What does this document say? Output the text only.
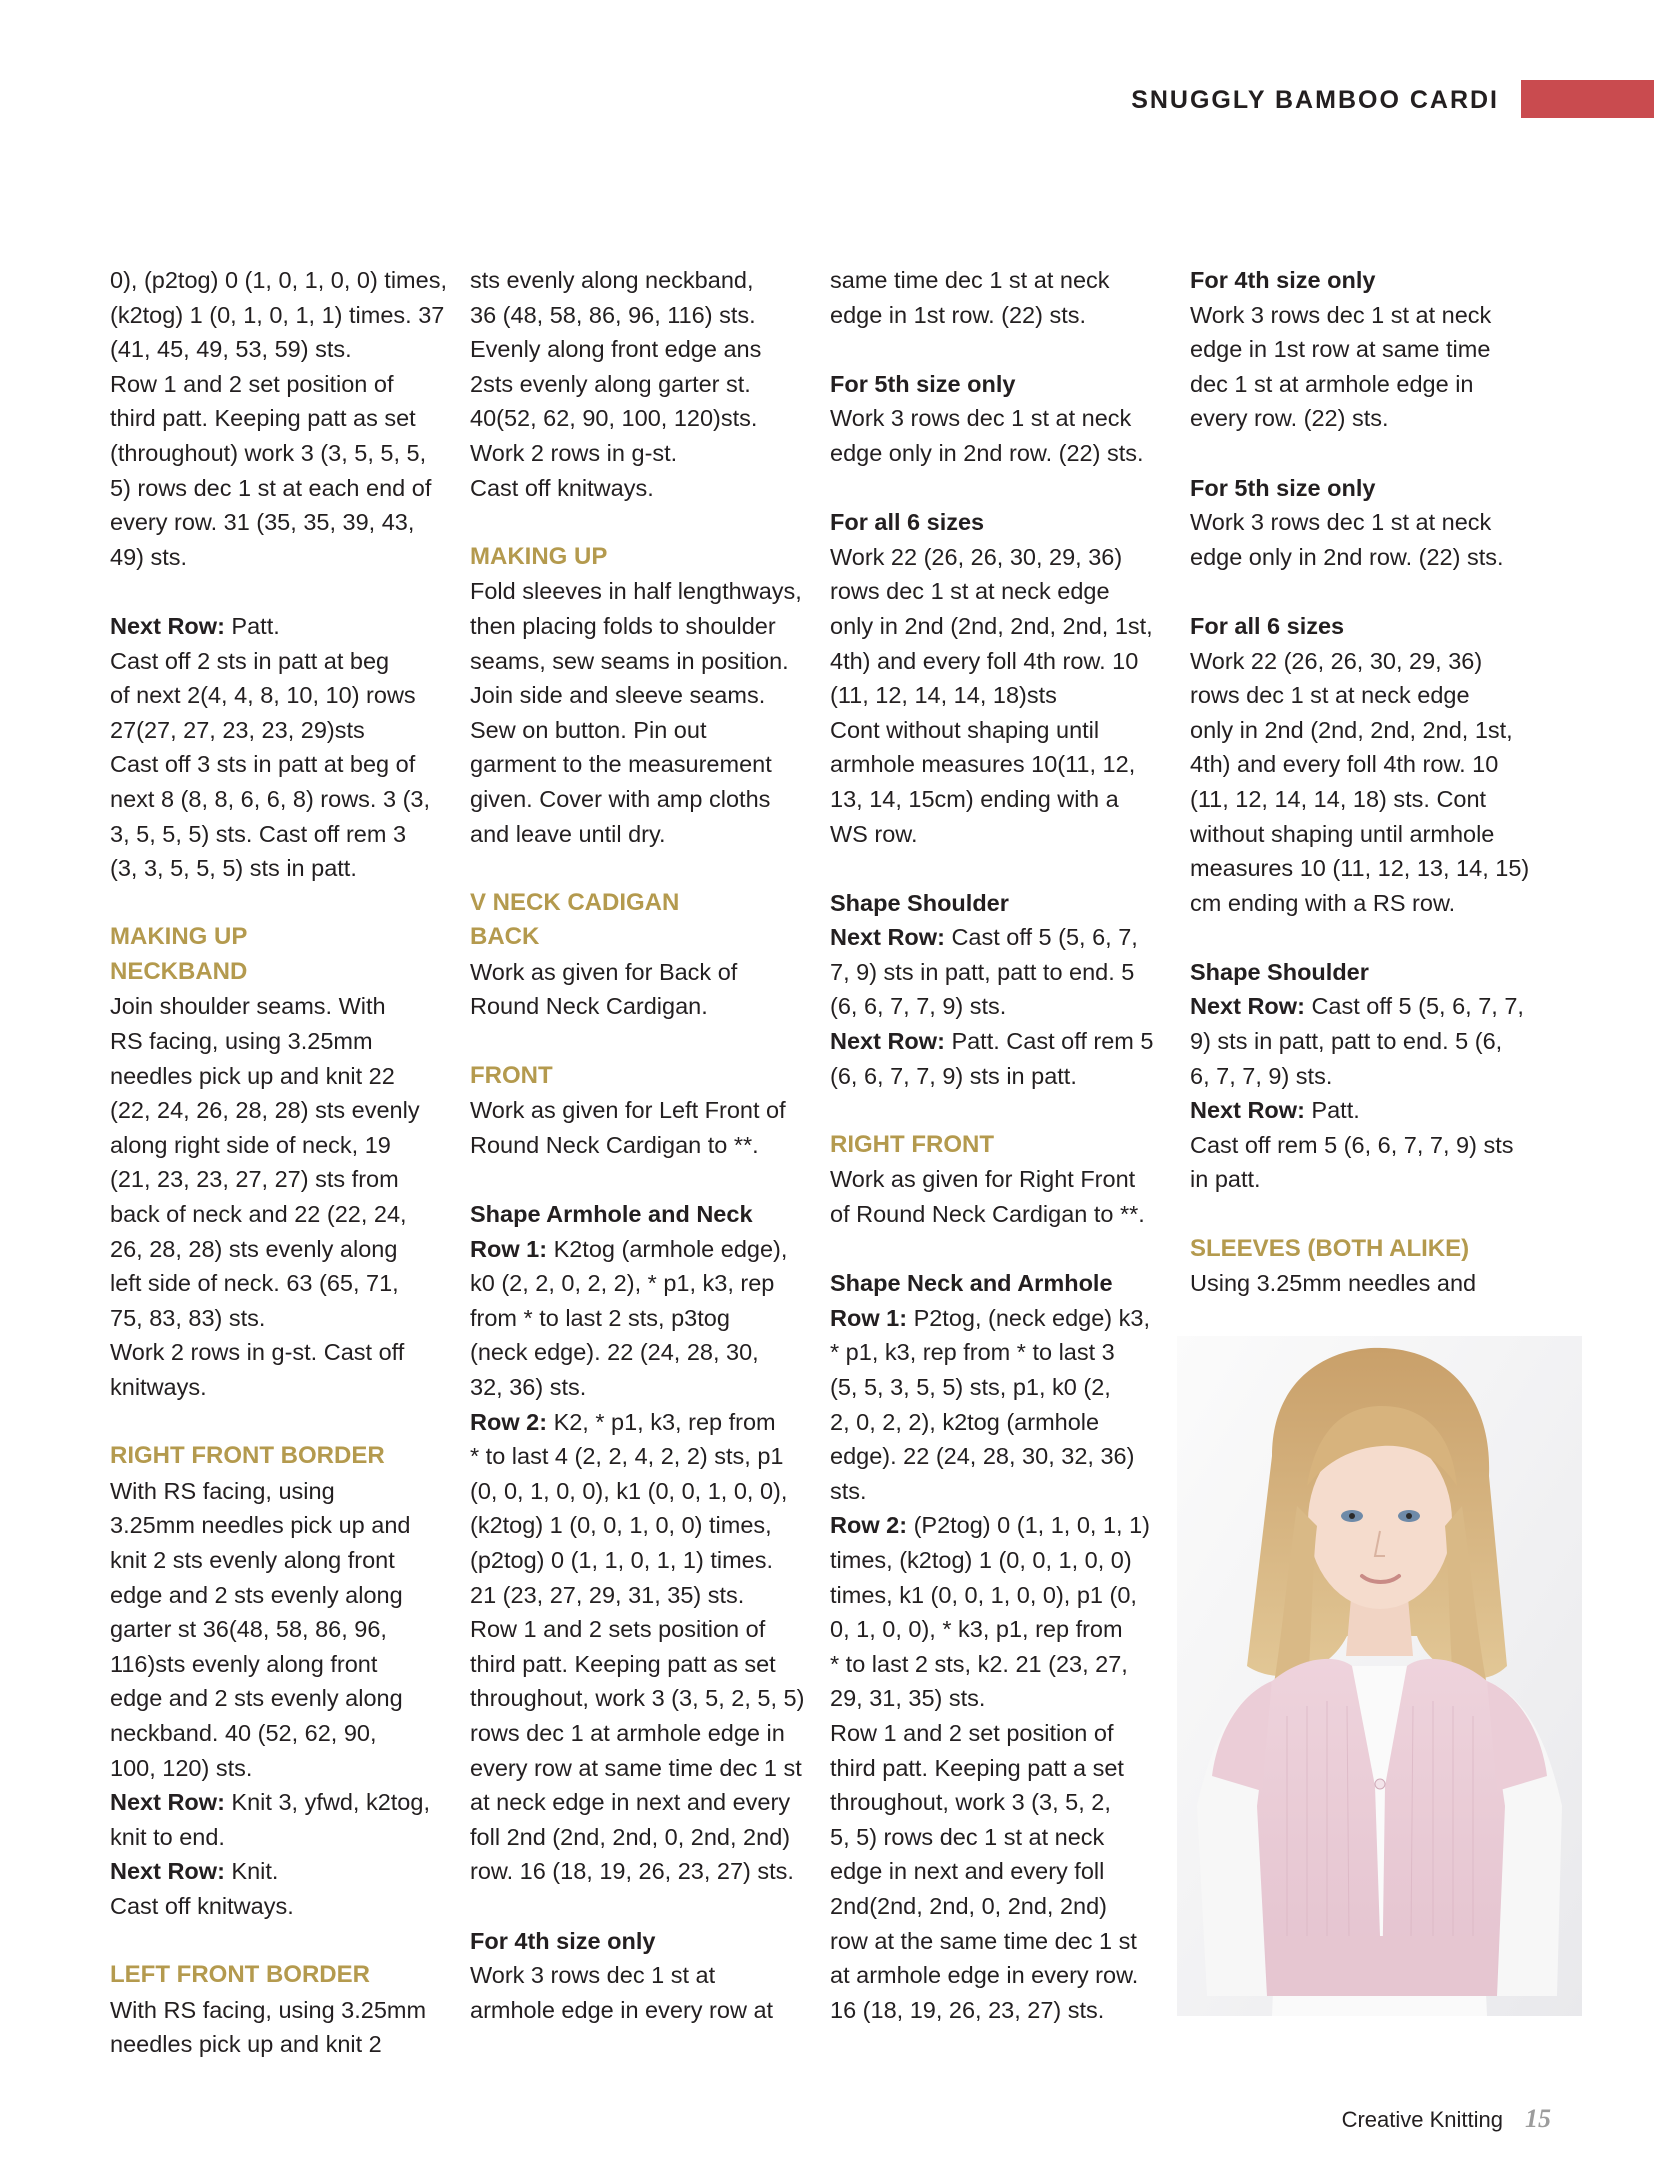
SNUGGLY BAMBOO CARDI

0), (p2tog) 0 (1, 0, 1, 0, 0) times,
(k2tog) 1 (0, 1, 0, 1, 1) times. 37
(41, 45, 49, 53, 59) sts.
Row 1 and 2 set position of
third patt. Keeping patt as set
(throughout) work 3 (3, 5, 5, 5,
5) rows dec 1 st at each end of
every row. 31 (35, 35, 39, 43,
49) sts.

Next Row: Patt.

Cast off 2 sts in patt at beg
of next 2(4, 4, 8, 10, 10) rows
27(27, 27, 23, 23, 29)sts
Cast off 3 sts in patt at beg of
next 8 (8, 8, 6, 6, 8) rows. 3 (3,
3, 5, 5, 5) sts. Cast off rem 3
(3, 3, 5, 5, 5) sts in patt.

MAKING UP
NECKBAND

Join shoulder seams. With
RS facing, using 3.25mm
needles pick up and knit 22
(22, 24, 26, 28, 28) sts evenly
along right side of neck, 19
(21, 23, 23, 27, 27) sts from
back of neck and 22 (22, 24,
26, 28, 28) sts evenly along
left side of neck. 63 (65, 71,
75, 83, 83) sts.
Work 2 rows in g-st. Cast off
knitways.

RIGHT FRONT BORDER
With RS facing, using
3.25mm needles pick up and
knit 2 sts evenly along front
edge and 2 sts evenly along
garter st 36(48, 58, 86, 96,
116)sts evenly along front
edge and 2 sts evenly along
neckband. 40 (52, 62, 90,
100, 120) sts.
Next Row: Knit 3, yfwd, k2tog,
knit to end.
Next Row: Knit.

Cast off knitways.

LEFT FRONT BORDER

With RS facing, using 3.25mm
needles pick up and knit 2

sts evenly along neckband,
36 (48, 58, 86, 96, 116) sts.
Evenly along front edge ans
2sts evenly along garter st.
40(52, 62, 90, 100, 120)sts.
Work 2 rows in g-st.
Cast off knitways.

MAKING UP

Fold sleeves in half lengthways,
then placing folds to shoulder
seams, sew seams in position.
Join side and sleeve seams.
Sew on button. Pin out
garment to the measurement
given. Cover with amp cloths
and leave until dry.

V NECK CADIGAN
BACK

Work as given for Back of
Round Neck Cardigan.

FRONT

Work as given for Left Front of
Round Neck Cardigan to **.

Shape Armhole and Neck
Row 1: K2tog (armhole edge),
k0 (2, 2, 0, 2, 2), * p1, k3, rep
from * to last 2 sts, p3tog
(neck edge). 22 (24, 28, 30,
32, 36) sts.

Row 2: K2, * p1, k3, rep from
* to last 4 (2, 2, 4, 2, 2) sts, p1
(0, 0, 1, 0, 0), k1 (0, 0, 1, 0, 0),
(k2tog) 1 (0, 0, 1, 0, 0) times,
(p2tog) 0 (1, 1, 0, 1, 1) times.
21 (23, 27, 29, 31, 35) sts.
Row 1 and 2 sets position of
third patt. Keeping patt as set
throughout, work 3 (3, 5, 2, 5, 5)
rows dec 1 at armhole edge in
every row at same time dec 1 st
at neck edge in next and every
foll 2nd (2nd, 2nd, 0, 2nd, 2nd)
row. 16 (18, 19, 26, 23, 27) sts.

For 4th size only

Work 3 rows dec 1 st at
armhole edge in every row at

same time dec 1 st at neck
edge in 1st row. (22) sts.

For 5th size only

Work 3 rows dec 1 st at neck
edge only in 2nd row. (22) sts.

For all 6 sizes

Work 22 (26, 26, 30, 29, 36)
rows dec 1 st at neck edge
only in 2nd (2nd, 2nd, 2nd, 1st,
4th) and every foll 4th row. 10
(11, 12, 14, 14, 18)sts
Cont without shaping until
armhole measures 10(11, 12,
13, 14, 15cm) ending with a
WS row.

Shape Shoulder
Next Row: Cast off 5 (5, 6, 7,
7, 9) sts in patt, patt to end. 5
(6, 6, 7, 7, 9) sts.

Next Row: Patt. Cast off rem 5
(6, 6, 7, 7, 9) sts in patt.

RIGHT FRONT

Work as given for Right Front
of Round Neck Cardigan to **.

Shape Neck and Armhole
Row 1: P2tog, (neck edge) k3,
* p1, k3, rep from * to last 3
(5, 5, 3, 5, 5) sts, p1, k0 (2,
2, 0, 2, 2), k2tog (armhole
edge). 22 (24, 28, 30, 32, 36)
sts.

Row 2: (P2tog) 0 (1, 1, 0, 1, 1)
times, (k2tog) 1 (0, 0, 1, 0, 0)
times, k1 (0, 0, 1, 0, 0), p1 (0,
0, 1, 0, 0), * k3, p1, rep from
* to last 2 sts, k2. 21 (23, 27,
29, 31, 35) sts.
Row 1 and 2 set position of
third patt. Keeping patt a set
throughout, work 3 (3, 5, 2,
5, 5) rows dec 1 st at neck
edge in next and every foll
2nd(2nd, 2nd, 0, 2nd, 2nd)
row at the same time dec 1 st
at armhole edge in every row.
16 (18, 19, 26, 23, 27) sts.

For 4th size only

Work 3 rows dec 1 st at neck
edge in 1st row at same time
dec 1 st at armhole edge in
every row. (22) sts.

For 5th size only

Work 3 rows dec 1 st at neck
edge only in 2nd row. (22) sts.

For all 6 sizes

Work 22 (26, 26, 30, 29, 36)
rows dec 1 st at neck edge
only in 2nd (2nd, 2nd, 2nd, 1st,
4th) and every foll 4th row. 10
(11, 12, 14, 14, 18) sts. Cont
without shaping until armhole
measures 10 (11, 12, 13, 14, 15)
cm ending with a RS row.

Shape Shoulder
Next Row: Cast off 5 (5, 6, 7, 7,
9) sts in patt, patt to end. 5 (6,
6, 7, 7, 9) sts.
Next Row: Patt.

Cast off rem 5 (6, 6, 7, 7, 9) sts
in patt.

SLEEVES (BOTH ALIKE)

Using 3.25mm needles and

Creative Knitting 15
